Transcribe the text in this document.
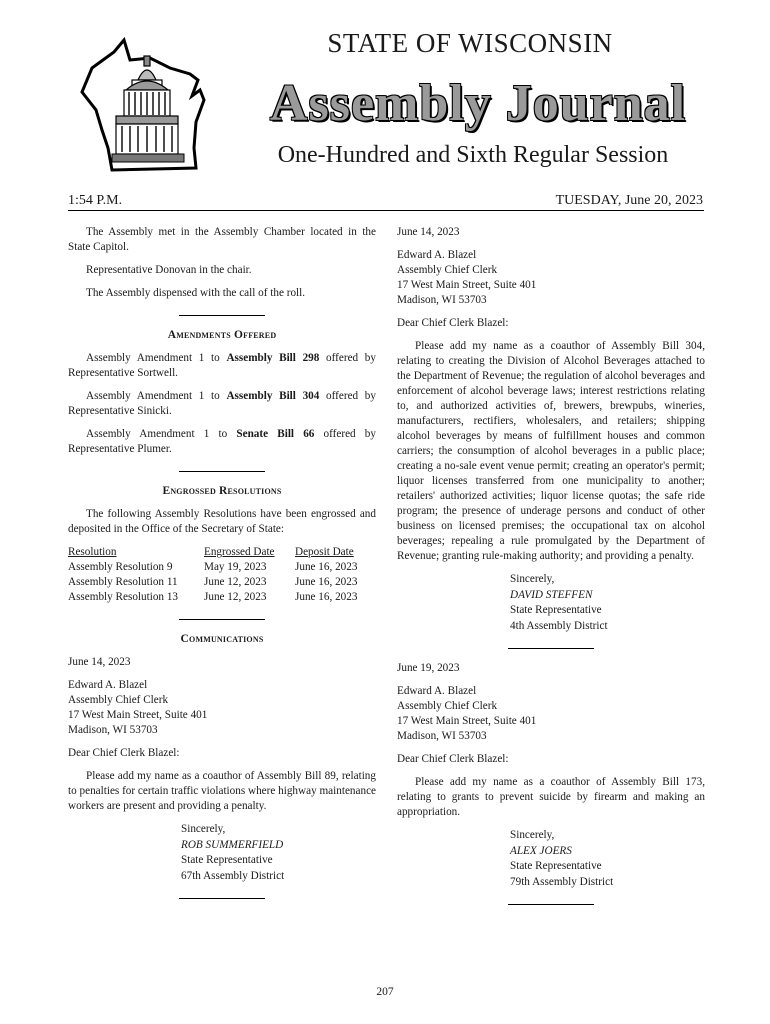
STATE OF WISCONSIN
Assembly Journal
One-Hundred and Sixth Regular Session
1:54 P.M.	TUESDAY, June 20, 2023

The Assembly met in the Assembly Chamber located in the State Capitol.

Representative Donovan in the chair.

The Assembly dispensed with the call of the roll.

Amendments Offered

Assembly Amendment 1 to Assembly Bill 298 offered by Representative Sortwell.

Assembly Amendment 1 to Assembly Bill 304 offered by Representative Sinicki.

Assembly Amendment 1 to Senate Bill 66 offered by Representative Plumer.

Engrossed Resolutions

The following Assembly Resolutions have been engrossed and deposited in the Office of the Secretary of State:

Resolution	Engrossed Date	Deposit Date
Assembly Resolution 9	May 19, 2023	June 16, 2023
Assembly Resolution 11	June 12, 2023	June 16, 2023
Assembly Resolution 13	June 12, 2023	June 16, 2023
Communications

June 14, 2023

Edward A. Blazel
Assembly Chief Clerk
17 West Main Street, Suite 401
Madison, WI 53703

Dear Chief Clerk Blazel:

Please add my name as a coauthor of Assembly Bill 89, relating to penalties for certain traffic violations where highway maintenance workers are present and providing a penalty.

Sincerely,
ROB SUMMERFIELD
State Representative
67th Assembly District

June 14, 2023

Edward A. Blazel
Assembly Chief Clerk
17 West Main Street, Suite 401
Madison, WI 53703

Dear Chief Clerk Blazel:

Please add my name as a coauthor of Assembly Bill 304, relating to creating the Division of Alcohol Beverages attached to the Department of Revenue; the regulation of alcohol beverages and enforcement of alcohol beverage laws; interest restrictions relating to, and authorized activities of, brewers, brewpubs, wineries, manufacturers, rectifiers, wholesalers, and retailers; shipping alcohol beverages by means of fulfillment houses and common carriers; the consumption of alcohol beverages in a public place; creating a no-sale event venue permit; creating an operator's permit; liquor licenses transferred from one municipality to another; retailers' authorized activities; liquor license quotas; the safe ride program; the presence of underage persons and conduct of other business on licensed premises; the occupational tax on alcohol beverages; repealing a rule promulgated by the Department of Revenue; granting rule-making authority; and providing a penalty.

Sincerely,
DAVID STEFFEN
State Representative
4th Assembly District

June 19, 2023

Edward A. Blazel
Assembly Chief Clerk
17 West Main Street, Suite 401
Madison, WI 53703

Dear Chief Clerk Blazel:

Please add my name as a coauthor of Assembly Bill 173, relating to grants to prevent suicide by firearm and making an appropriation.

Sincerely,
ALEX JOERS
State Representative
79th Assembly District
207
